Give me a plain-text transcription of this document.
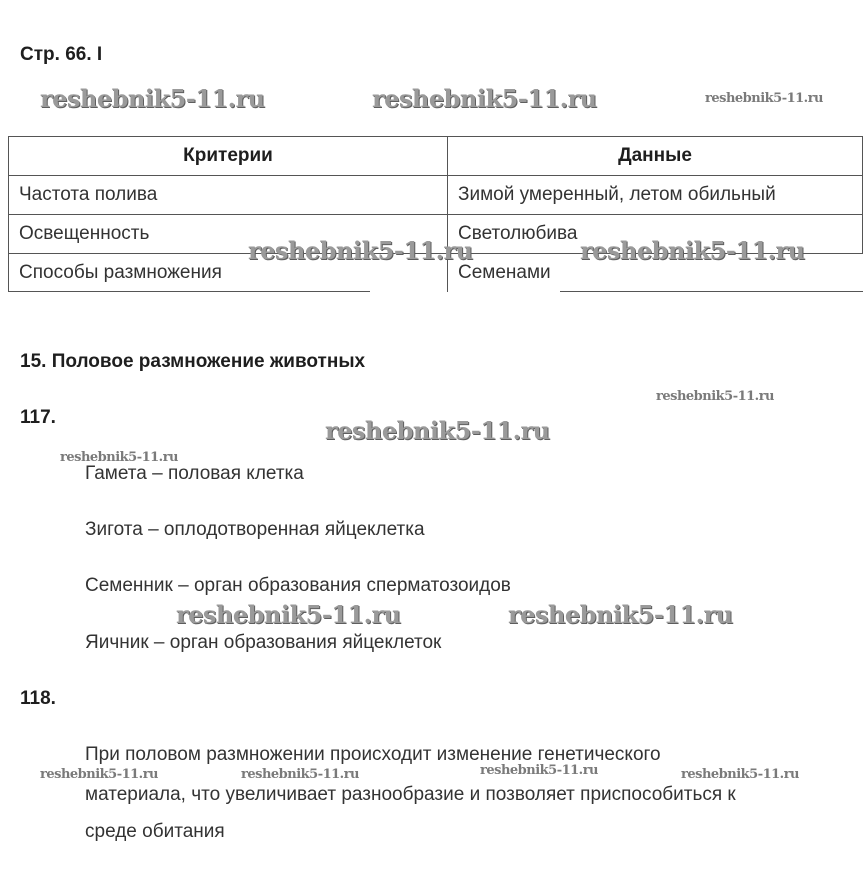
Стр. 66. I
Критерии	Данные
Частота полива	Зимой умеренный, летом обильный
Освещенность	Светолюбива
Способы размножения	Семенами
15. Половое размножение животных
117.
Гамета – половая клетка
Зигота – оплодотворенная яйцеклетка
Семенник – орган образования сперматозоидов
Яичник – орган образования яйцеклеток
118.
При половом размножении происходит изменение генетического
материала, что увеличивает разнообразие и позволяет приспособиться к
среде обитания
reshebnik5-11.ru	reshebnik5-11.ru	reshebnik5-11.ru
reshebnik5-11.ru	reshebnik5-11.ru
reshebnik5-11.ru
reshebnik5-11.ru
reshebnik5-11.ru
reshebnik5-11.ru	reshebnik5-11.ru
reshebnik5-11.ru	reshebnik5-11.ru	reshebnik5-11.ru	reshebnik5-11.ru
